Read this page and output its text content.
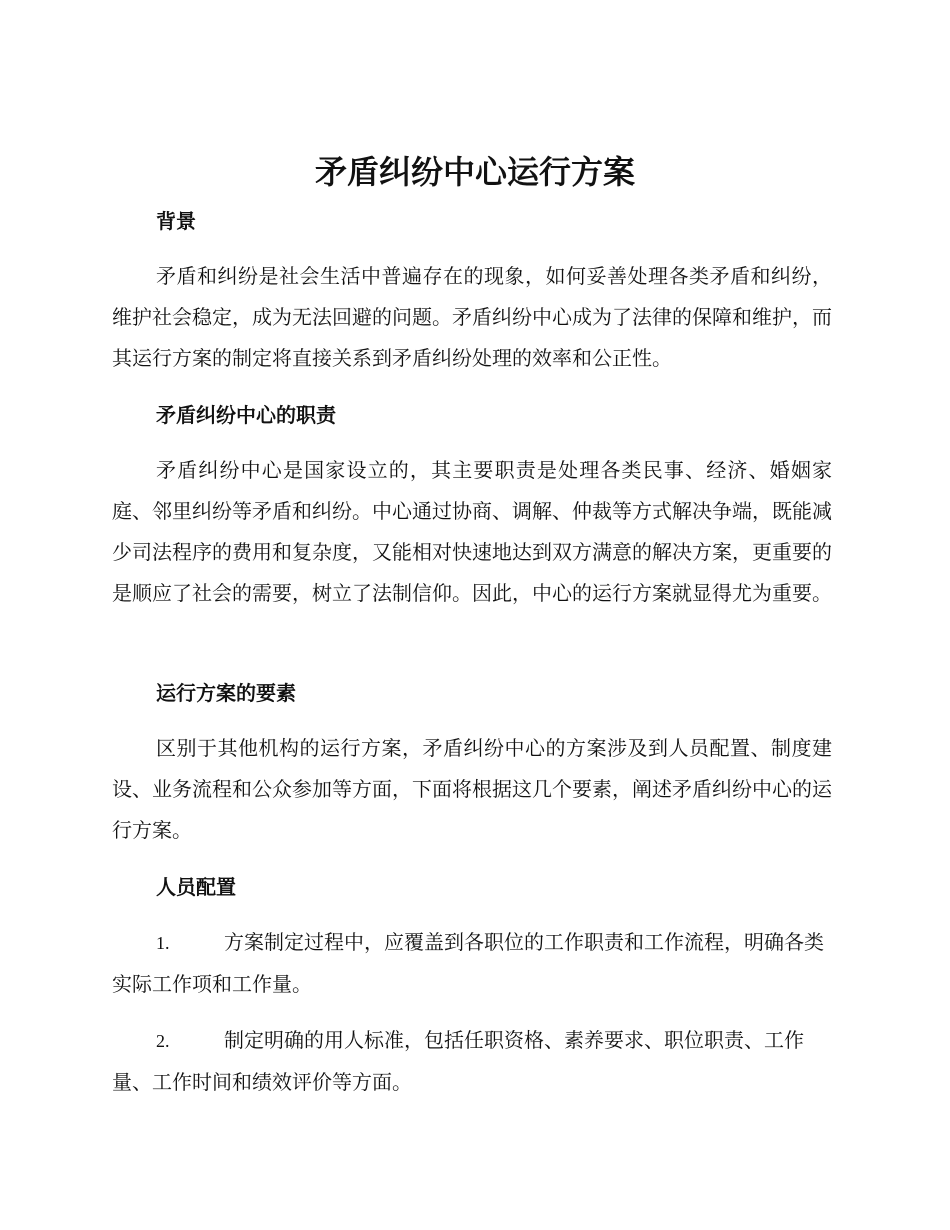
矛盾纠纷中心运行方案
背景
矛盾和纠纷是社会生活中普遍存在的现象，如何妥善处理各类矛盾和纠纷，维护社会稳定，成为无法回避的问题。矛盾纠纷中心成为了法律的保障和维护，而其运行方案的制定将直接关系到矛盾纠纷处理的效率和公正性。
矛盾纠纷中心的职责
矛盾纠纷中心是国家设立的，其主要职责是处理各类民事、经济、婚姻家庭、邻里纠纷等矛盾和纠纷。中心通过协商、调解、仲裁等方式解决争端，既能减少司法程序的费用和复杂度，又能相对快速地达到双方满意的解决方案，更重要的是顺应了社会的需要，树立了法制信仰。因此，中心的运行方案就显得尤为重要。
运行方案的要素
区别于其他机构的运行方案，矛盾纠纷中心的方案涉及到人员配置、制度建设、业务流程和公众参加等方面，下面将根据这几个要素，阐述矛盾纠纷中心的运行方案。
人员配置
1.	方案制定过程中，应覆盖到各职位的工作职责和工作流程，明确各类实际工作项和工作量。
2.	制定明确的用人标准，包括任职资格、素养要求、职位职责、工作量、工作时间和绩效评价等方面。
